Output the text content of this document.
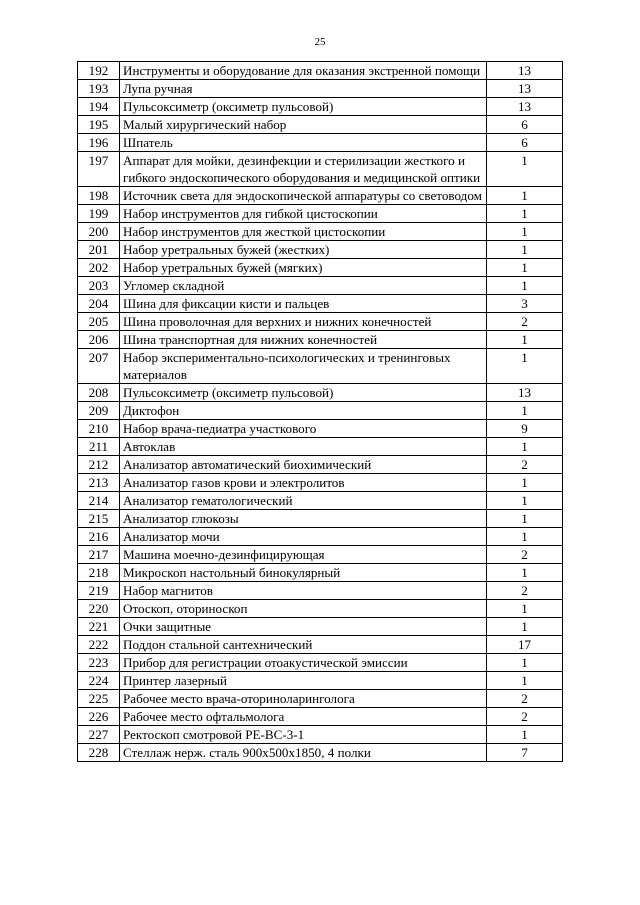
25
192	Инструменты и оборудование для оказания экстренной помощи	13
193	Лупа ручная	13
194	Пульсоксиметр (оксиметр пульсовой)	13
195	Малый хирургический набор	6
196	Шпатель	6
197	Аппарат для мойки, дезинфекции и стерилизации жесткого и гибкого эндоскопического оборудования и медицинской оптики	1
198	Источник света для эндоскопической аппаратуры со световодом	1
199	Набор инструментов для гибкой цистоскопии	1
200	Набор инструментов для жесткой цистоскопии	1
201	Набор уретральных бужей (жестких)	1
202	Набор уретральных бужей (мягких)	1
203	Угломер складной	1
204	Шина для фиксации кисти и пальцев	3
205	Шина проволочная для верхних и нижних конечностей	2
206	Шина транспортная для нижних конечностей	1
207	Набор экспериментально-психологических и тренинговых материалов	1
208	Пульсоксиметр (оксиметр пульсовой)	13
209	Диктофон	1
210	Набор врача-педиатра участкового	9
211	Автоклав	1
212	Анализатор автоматический биохимический	2
213	Анализатор газов крови и электролитов	1
214	Анализатор гематологический	1
215	Анализатор глюкозы	1
216	Анализатор мочи	1
217	Машина моечно-дезинфицирующая	2
218	Микроскоп настольный бинокулярный	1
219	Набор магнитов	2
220	Отоскоп, оториноскоп	1
221	Очки защитные	1
222	Поддон стальной сантехнический	17
223	Прибор для регистрации отоакустической эмиссии	1
224	Принтер лазерный	1
225	Рабочее место врача-оториноларинголога	2
226	Рабочее место офтальмолога	2
227	Ректоскоп смотровой РЕ-ВС-3-1	1
228	Стеллаж нерж. сталь 900x500x1850, 4 полки	7
